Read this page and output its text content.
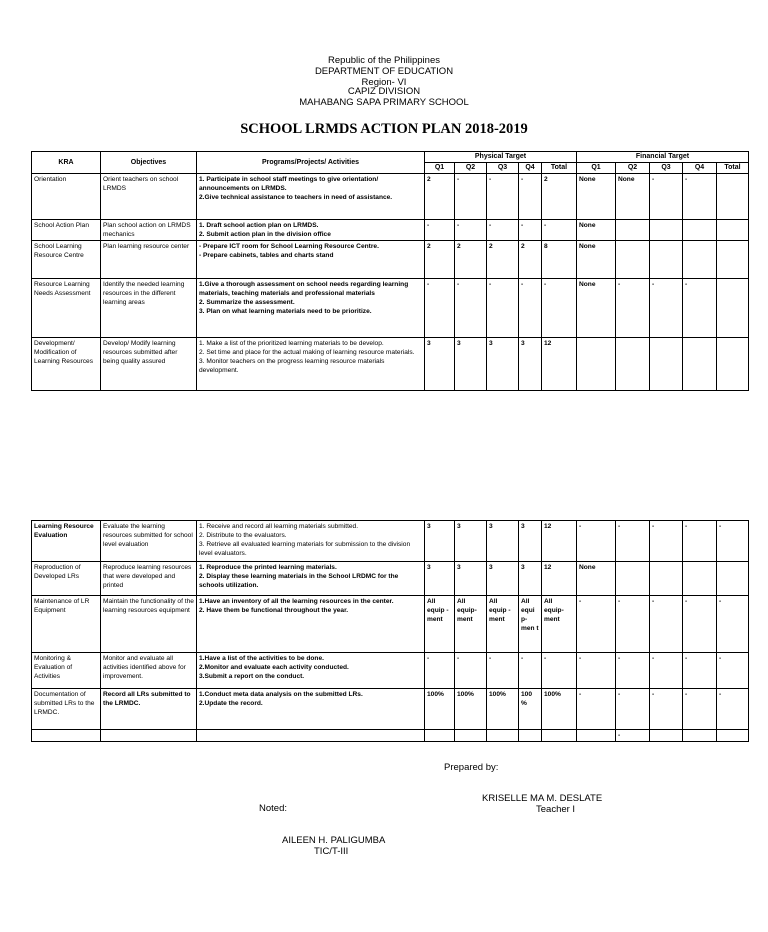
Republic of the Philippines
DEPARTMENT OF EDUCATION
Region- VI
CAPIZ DIVISION
MAHABANG SAPA PRIMARY SCHOOL
SCHOOL LRMDS ACTION PLAN 2018-2019
KRA	Objectives	Programs/Projects/ Activities	Physical Target					Financial Target				
			Q1	Q2	Q3	Q4	Total	Q1	Q2	Q3	Q4	Total
Orientation	Orient teachers on school LRMDS	1. Participate in school staff meetings to give orientation/ announcements on LRMDS.
2.Give technical assistance to teachers in need of assistance.	2	-	-	-	2	None	None	-	-	
School Action Plan	Plan school action on LRMDS mechanics	1. Draft school action plan on LRMDS.
2. Submit action plan in the division office	-	-	-	-	-	None				
School Learning Resource Centre	Plan learning resource center	- Prepare ICT room for School Learning Resource Centre.
- Prepare cabinets, tables and charts stand	2	2	2	2	8	None				
Resource Learning Needs Assessment	Identify the needed learning resources in the different learning areas	1.Give a thorough assessment on school needs regarding learning materials, teaching materials and professional materials
2. Summarize the assessment.
3. Plan on what learning materials need to be prioritize.	-	-	-	-	-	None	-	-	-	
Development/ Modification of Learning Resources	Develop/ Modify learning resources submitted after being quality assured	1. Make a list of the prioritized learning materials to be develop.
2. Set time and place for the actual making of learning resource materials.
3. Monitor teachers on the progress learning resource materials development.	3	3	3	3	12					
Learning Resource Evaluation	Evaluate the learning resources submitted for school level evaluation	1. Receive and record all learning materials submitted.
2. Distribute to the evaluators.
3. Retrieve all evaluated learning materials for submission to the division level evaluators.	3	3	3	3	12	-	-	-	-	-
Reproduction of Developed LRs	Reproduce learning resources that were developed and printed	1. Reproduce the printed learning materials.
2. Display these learning materials in the School LRDMC for the schools utilization.	3	3	3	3	12	None				
Maintenance of LR Equipment	Maintain the functionality of the learning resources equipment	1.Have an inventory of all the learning resources in the center.
2. Have them be functional throughout the year.	All equip - ment	All equip- ment	All equip - ment	All equi p- men t	All equip- ment	-	-	-	-	-
Monitoring & Evaluation of Activities	Monitor and evaluate all activities identified above for improvement.	1.Have a list of the activities to be done.
2.Monitor and evaluate each activity conducted.
3.Submit a report on the conduct.	-	-	-	-	-	-	-	-	-	-
Documentation of submitted LRs to the LRMDC.	Record all LRs submitted to the LRMDC.	1.Conduct meta data analysis on the submitted LRs.
2.Update the record.	100%	100%	100%	100 %	100%	-	-	-	-	-

							-			
Prepared by:
KRISELLE MA M. DESLATE
Teacher I
Noted:
AILEEN H. PALIGUMBA
TIC/T-III
